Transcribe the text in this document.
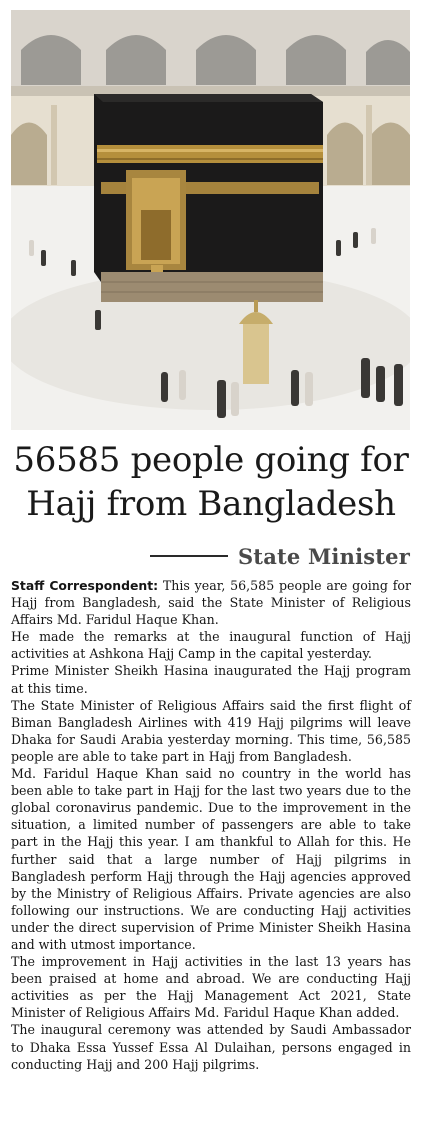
56585 people going for
Hajj from Bangladesh
State Minister

Staff Correspondent: This year, 56,585 people are going for Hajj from Bangladesh, said the State Minister of Religious Affairs Md. Faridul Haque Khan.

He made the remarks at the inaugural function of Hajj activities at Ashkona Hajj Camp in the capital yesterday.

Prime Minister Sheikh Hasina inaugurated the Hajj program at this time.

The State Minister of Religious Affairs said the first flight of Biman Bangladesh Airlines with 419 Hajj pilgrims will leave Dhaka for Saudi Arabia yesterday morning. This time, 56,585 people are able to take part in Hajj from Bangladesh.

Md. Faridul Haque Khan said no country in the world has been able to take part in Hajj for the last two years due to the global coronavirus pandemic. Due to the improvement in the situation, a limited number of passengers are able to take part in the Hajj this year. I am thankful to Allah for this. He further said that a large number of Hajj pilgrims in Bangladesh perform Hajj through the Hajj agencies approved by the Ministry of Religious Affairs. Private agencies are also following our instructions. We are conducting Hajj activities under the direct supervision of Prime Minister Sheikh Hasina and with utmost importance.

The improvement in Hajj activities in the last 13 years has been praised at home and abroad. We are conducting Hajj activities as per the Hajj Management Act 2021, State Minister of Religious Affairs Md. Faridul Haque Khan added.

The inaugural ceremony was attended by Saudi Ambassador to Dhaka Essa Yussef Essa Al Dulaihan, persons engaged in conducting Hajj and 200 Hajj pilgrims.
